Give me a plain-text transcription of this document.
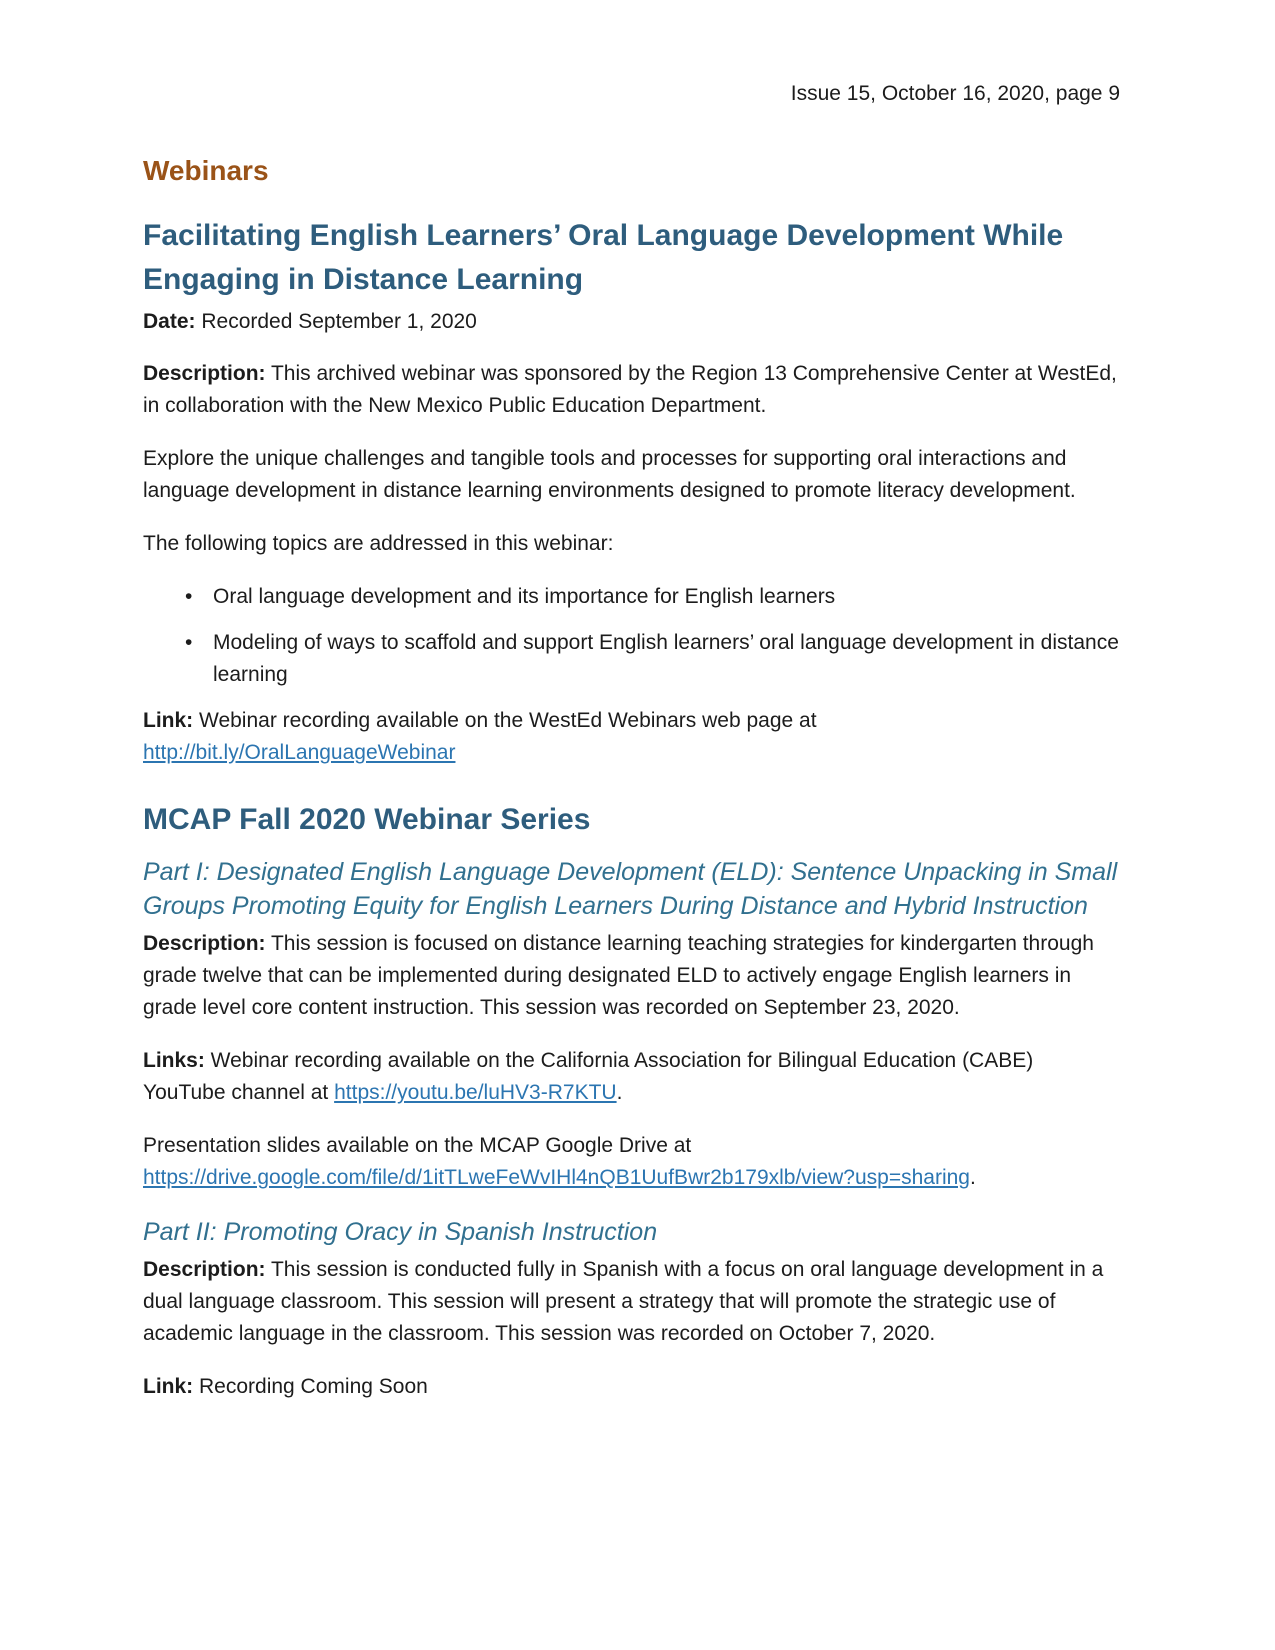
Issue 15, October 16, 2020, page 9
Webinars
Facilitating English Learners’ Oral Language Development While Engaging in Distance Learning

Date: Recorded September 1, 2020

Description: This archived webinar was sponsored by the Region 13 Comprehensive Center at WestEd, in collaboration with the New Mexico Public Education Department.

Explore the unique challenges and tangible tools and processes for supporting oral interactions and language development in distance learning environments designed to promote literacy development.

The following topics are addressed in this webinar:

• Oral language development and its importance for English learners
• Modeling of ways to scaffold and support English learners’ oral language development in distance learning

Link: Webinar recording available on the WestEd Webinars web page at http://bit.ly/OralLanguageWebinar

MCAP Fall 2020 Webinar Series
Part I: Designated English Language Development (ELD): Sentence Unpacking in Small Groups Promoting Equity for English Learners During Distance and Hybrid Instruction

Description: This session is focused on distance learning teaching strategies for kindergarten through grade twelve that can be implemented during designated ELD to actively engage English learners in grade level core content instruction. This session was recorded on September 23, 2020.

Links: Webinar recording available on the California Association for Bilingual Education (CABE) YouTube channel at https://youtu.be/luHV3-R7KTU.

Presentation slides available on the MCAP Google Drive at https://drive.google.com/file/d/1itTLweFeWvIHl4nQB1UufBwr2b179xlb/view?usp=sharing.

Part II: Promoting Oracy in Spanish Instruction

Description: This session is conducted fully in Spanish with a focus on oral language development in a dual language classroom. This session will present a strategy that will promote the strategic use of academic language in the classroom. This session was recorded on October 7, 2020.

Link: Recording Coming Soon
